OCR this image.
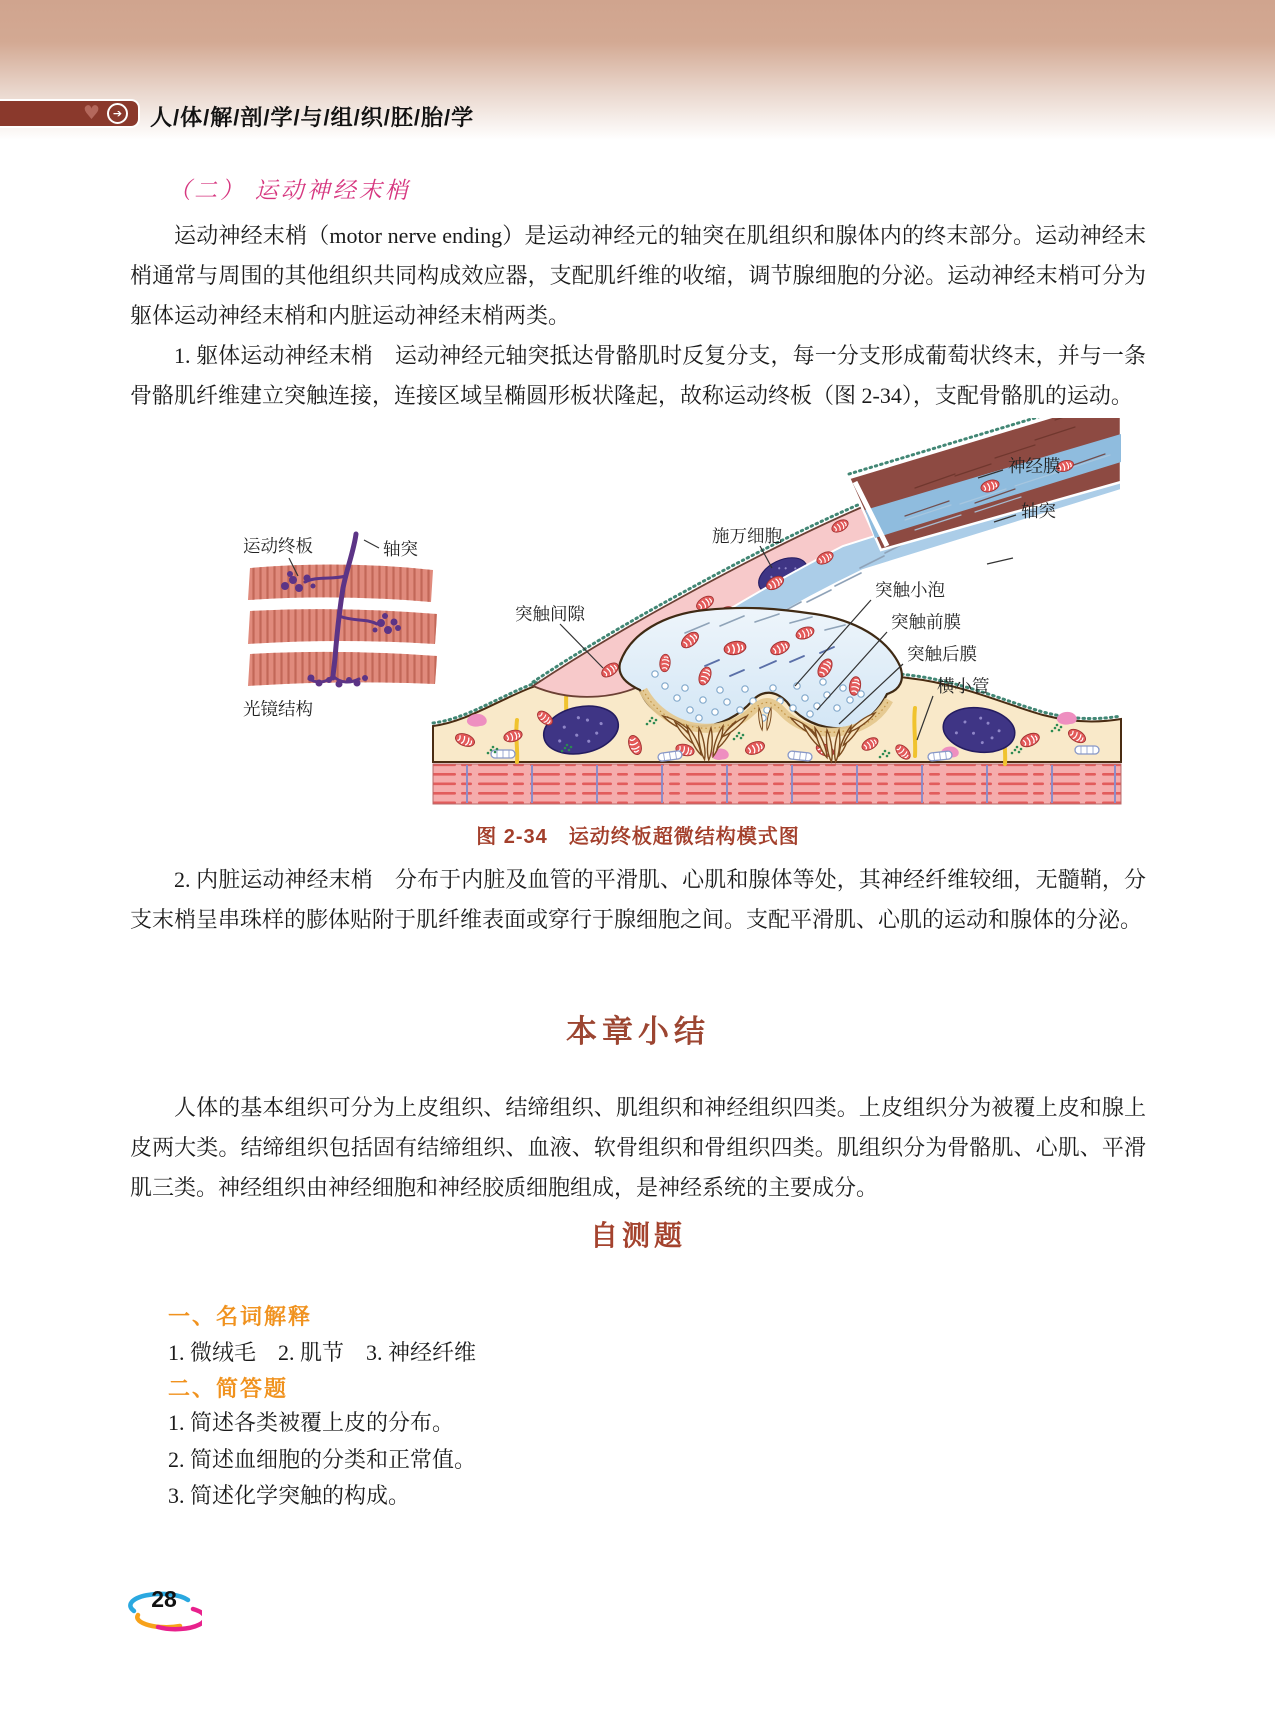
♥	➔ 人/体/解/剖/学/与/组/织/胚/胎/学
（二） 运动神经末梢
运动神经末梢（motor nerve ending）是运动神经元的轴突在肌组织和腺体内的终末部分。运动神经末梢通常与周围的其他组织共同构成效应器，支配肌纤维的收缩，调节腺细胞的分泌。运动神经末梢可分为躯体运动神经末梢和内脏运动神经末梢两类。
1. 躯体运动神经末梢　运动神经元轴突抵达骨骼肌时反复分支，每一分支形成葡萄状终末，并与一条骨骼肌纤维建立突触连接，连接区域呈椭圆形板状隆起，故称运动终板（图 2-34），支配骨骼肌的运动。
运动终板	轴突
光镜结构
神经膜
轴突
施万细胞
突触间隙
突触小泡
突触前膜
突触后膜
横小管
图 2-34　运动终板超微结构模式图
2. 内脏运动神经末梢　分布于内脏及血管的平滑肌、心肌和腺体等处，其神经纤维较细，无髓鞘，分支末梢呈串珠样的膨体贴附于肌纤维表面或穿行于腺细胞之间。支配平滑肌、心肌的运动和腺体的分泌。
本章小结
人体的基本组织可分为上皮组织、结缔组织、肌组织和神经组织四类。上皮组织分为被覆上皮和腺上皮两大类。结缔组织包括固有结缔组织、血液、软骨组织和骨组织四类。肌组织分为骨骼肌、心肌、平滑肌三类。神经组织由神经细胞和神经胶质细胞组成，是神经系统的主要成分。
自测题
一、名词解释
1. 微绒毛　2. 肌节　3. 神经纤维
二、简答题
1. 简述各类被覆上皮的分布。
2. 简述血细胞的分类和正常值。
3. 简述化学突触的构成。
28
